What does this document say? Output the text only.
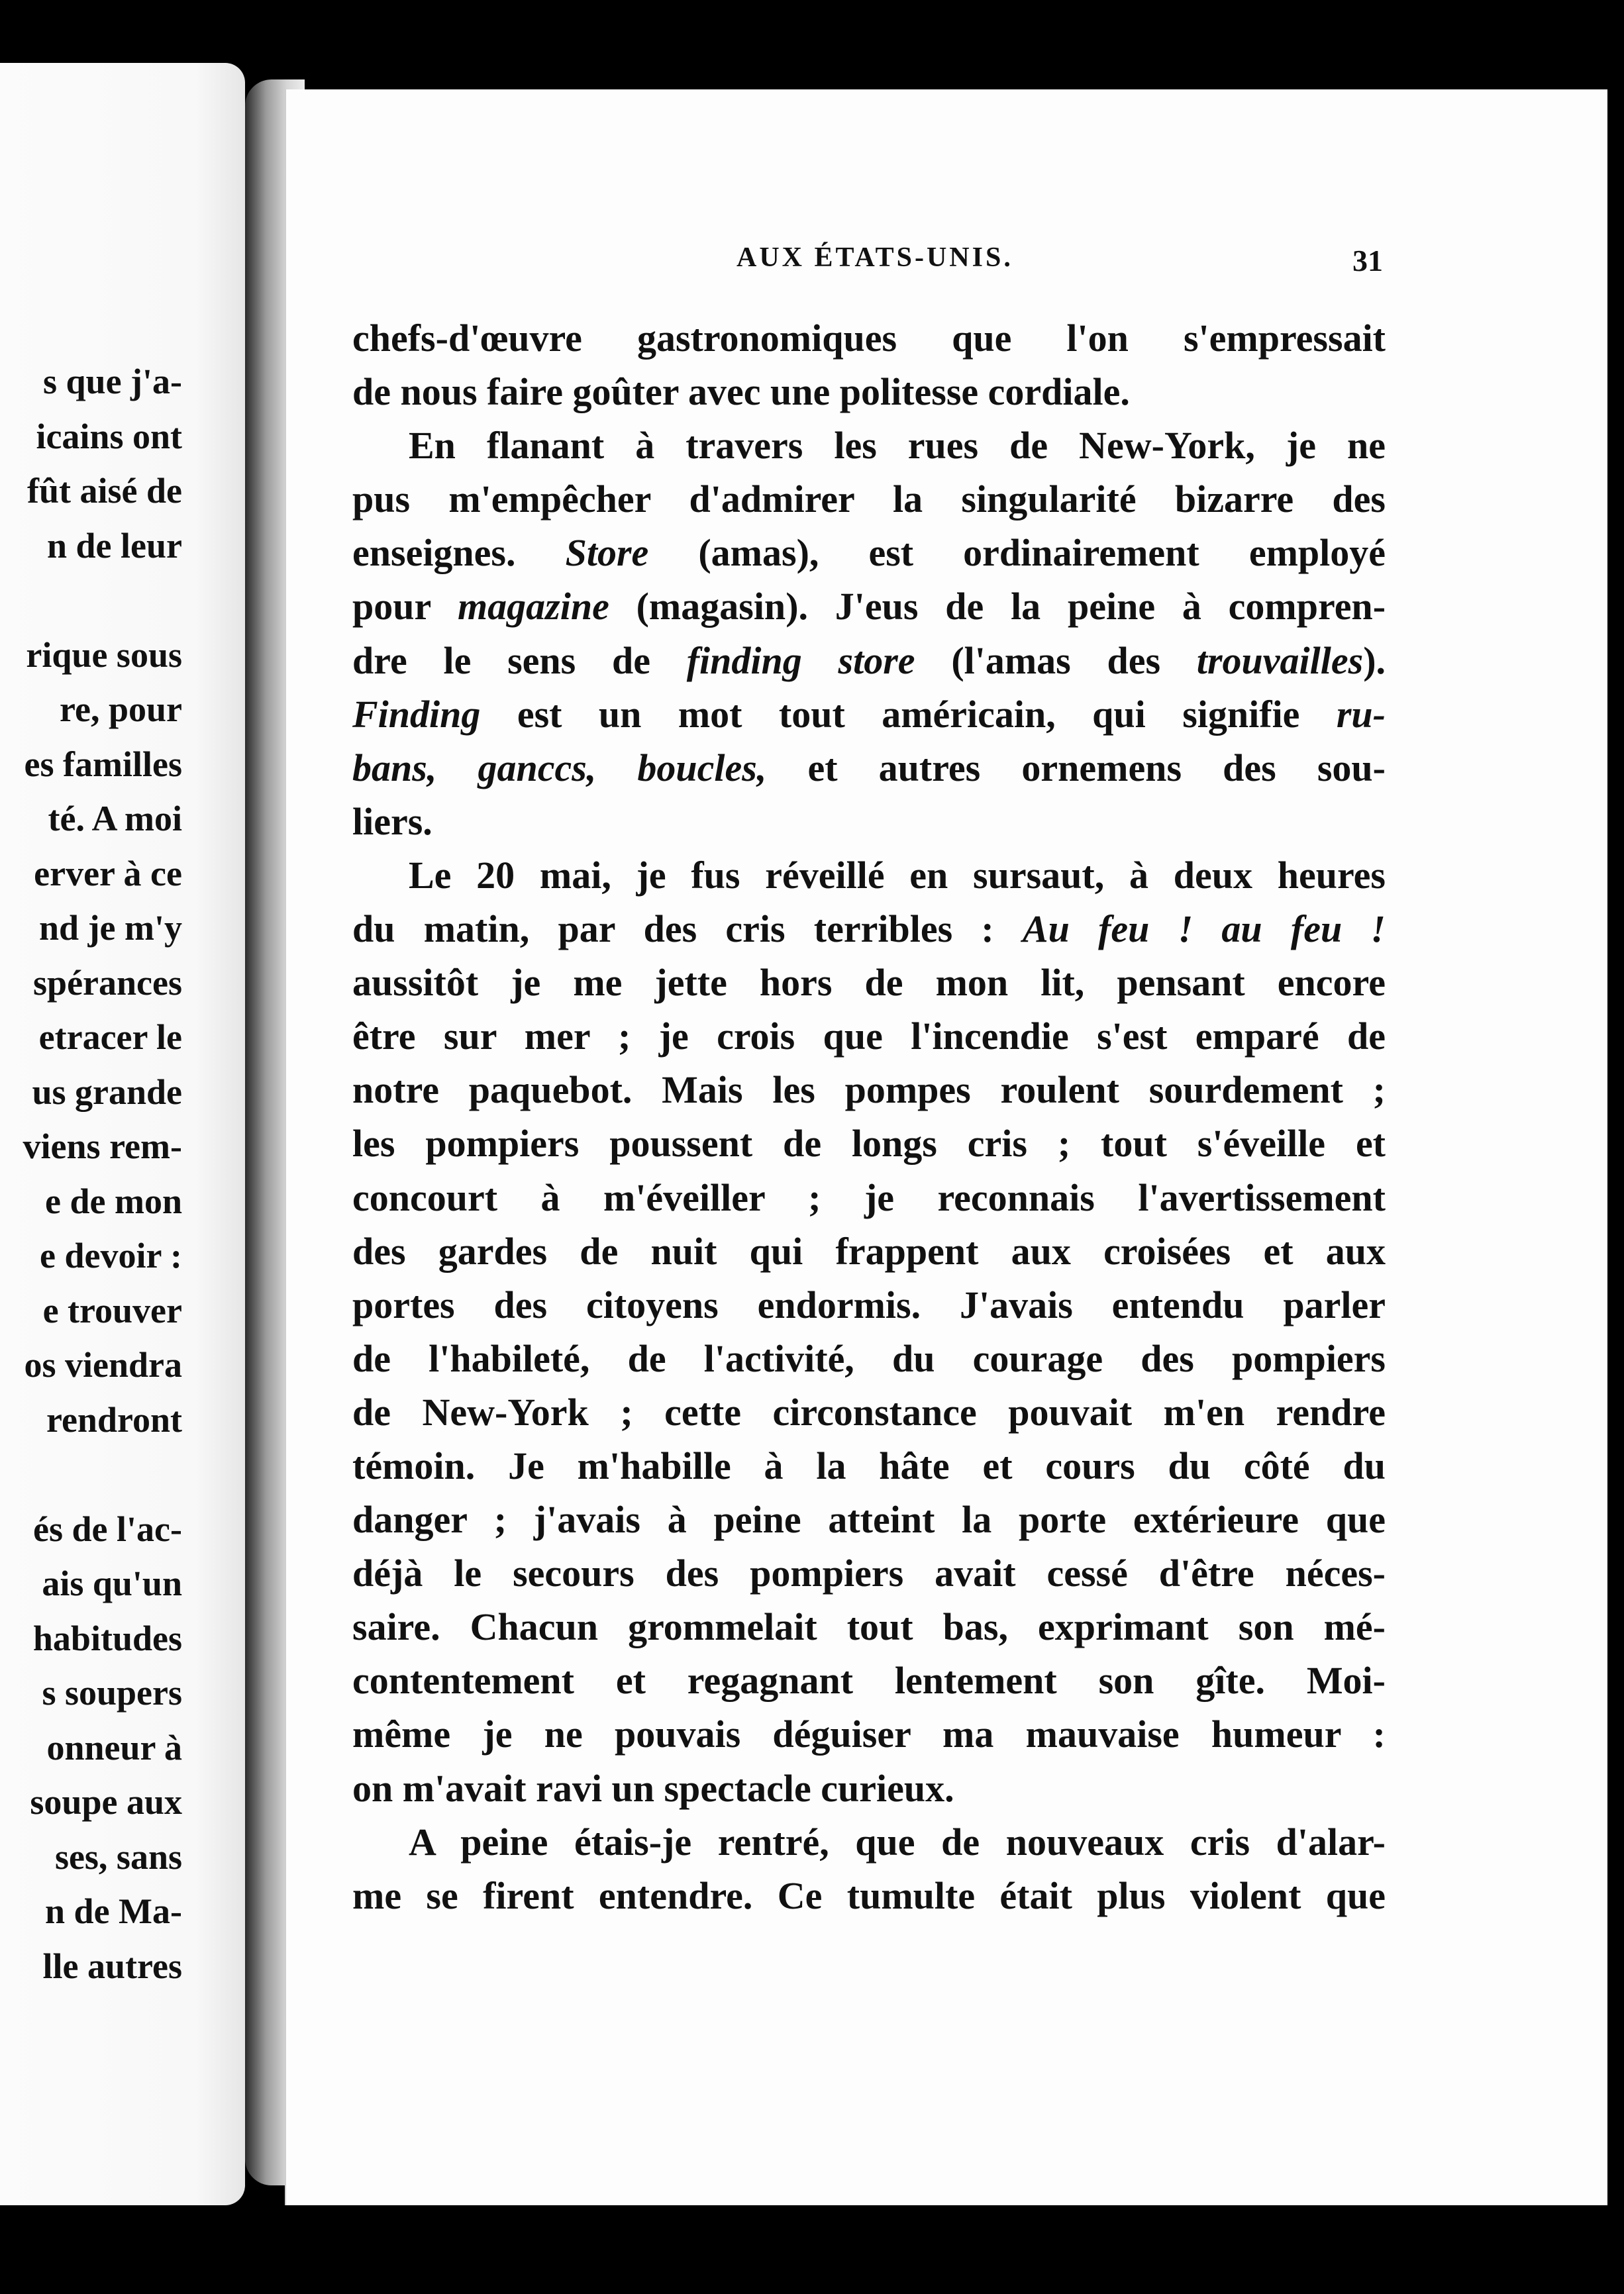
s que j'a-
icains ont
fût aisé de
n de leur
rique sous
re, pour
es familles
té. A moi
erver à ce
nd je m'y
spérances
etracer le
us grande
viens rem-
e de mon
e devoir :
e trouver
os viendra
rendront
és de l'ac-
ais qu'un
habitudes
s soupers
onneur à
soupe aux
ses, sans
n de Ma-
lle autres
AUX ÉTATS-UNIS.	31
chefs-d'œuvre gastronomiques que l'on s'empressait
de nous faire goûter avec une politesse cordiale.
En flanant à travers les rues de New-York, je ne
pus m'empêcher d'admirer la singularité bizarre des
enseignes. Store (amas), est ordinairement employé
pour magazine (magasin). J'eus de la peine à compren-
dre le sens de finding store (l'amas des trouvailles).
Finding est un mot tout américain, qui signifie ru-
bans, ganccs, boucles, et autres ornemens des sou-
liers.
Le 20 mai, je fus réveillé en sursaut, à deux heures
du matin, par des cris terribles : Au feu ! au feu !
aussitôt je me jette hors de mon lit, pensant encore
être sur mer ; je crois que l'incendie s'est emparé de
notre paquebot. Mais les pompes roulent sourdement ;
les pompiers poussent de longs cris ; tout s'éveille et
concourt à m'éveiller ; je reconnais l'avertissement
des gardes de nuit qui frappent aux croisées et aux
portes des citoyens endormis. J'avais entendu parler
de l'habileté, de l'activité, du courage des pompiers
de New-York ; cette circonstance pouvait m'en rendre
témoin. Je m'habille à la hâte et cours du côté du
danger ; j'avais à peine atteint la porte extérieure que
déjà le secours des pompiers avait cessé d'être néces-
saire. Chacun grommelait tout bas, exprimant son mé-
contentement et regagnant lentement son gîte. Moi-
même je ne pouvais déguiser ma mauvaise humeur :
on m'avait ravi un spectacle curieux.
A peine étais-je rentré, que de nouveaux cris d'alar-
me se firent entendre. Ce tumulte était plus violent que
